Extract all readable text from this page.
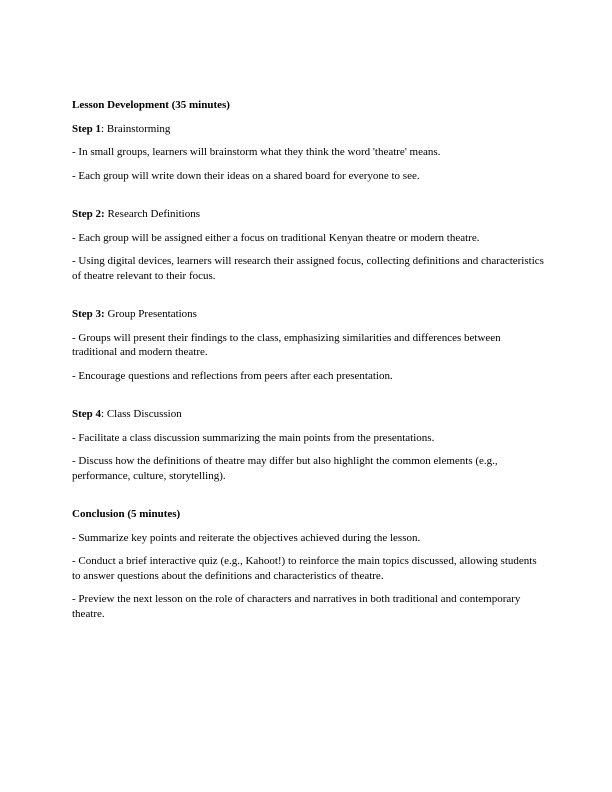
Lesson Development (35 minutes)

Step 1: Brainstorming

- In small groups, learners will brainstorm what they think the word 'theatre' means.

- Each group will write down their ideas on a shared board for everyone to see.

Step 2: Research Definitions

- Each group will be assigned either a focus on traditional Kenyan theatre or modern theatre.

- Using digital devices, learners will research their assigned focus, collecting definitions and characteristics of theatre relevant to their focus.

Step 3: Group Presentations

- Groups will present their findings to the class, emphasizing similarities and differences between traditional and modern theatre.

- Encourage questions and reflections from peers after each presentation.

Step 4: Class Discussion

- Facilitate a class discussion summarizing the main points from the presentations.

- Discuss how the definitions of theatre may differ but also highlight the common elements (e.g., performance, culture, storytelling).

Conclusion (5 minutes)

- Summarize key points and reiterate the objectives achieved during the lesson.

- Conduct a brief interactive quiz (e.g., Kahoot!) to reinforce the main topics discussed, allowing students to answer questions about the definitions and characteristics of theatre.

- Preview the next lesson on the role of characters and narratives in both traditional and contemporary theatre.
